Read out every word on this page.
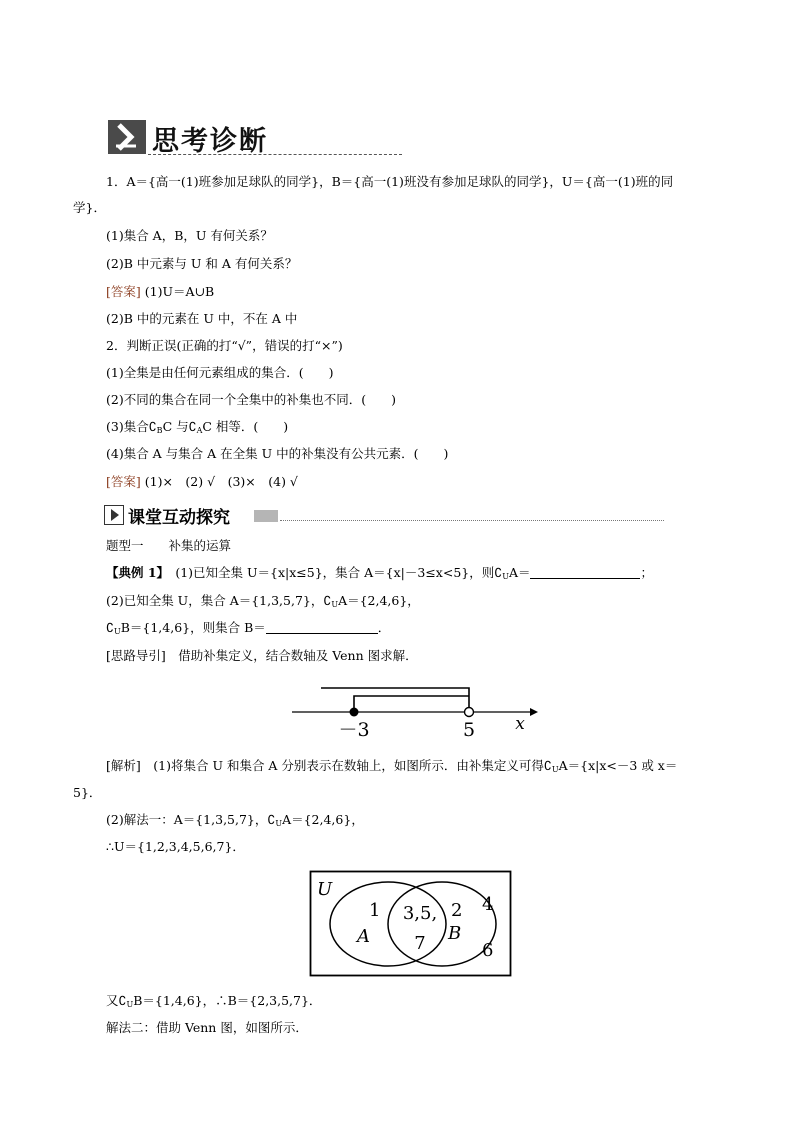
思考诊断
1．A＝{高一(1)班参加足球队的同学}，B＝{高一(1)班没有参加足球队的同学}，U＝{高一(1)班的同
学}．
(1)集合 A，B，U 有何关系？
(2)B 中元素与 U 和 A 有何关系？
[答案] (1)U＝A∪B
(2)B 中的元素在 U 中，不在 A 中
2．判断正误(正确的打“√”，错误的打“×”)
(1)全集是由任何元素组成的集合．(　　)
(2)不同的集合在同一个全集中的补集也不同．(　　)
(3)集合$∁_BC$ 与$∁_AC$ 相等．(　　)
(4)集合 A 与集合 A 在全集 U 中的补集没有公共元素．(　　)
[答案] (1)×　(2) √　(3)×　(4) √
课堂互动探究
题型一　　补集的运算
【典例 1】　(1)已知全集 U＝{x|x≤5}，集合 A＝{x|－3≤x<5}，则$∁_UA=$	；
(2)已知全集 U，集合 A＝{1,3,5,7}，$∁_UA=\{2,4,6\}$，
$∁_UB=\{1,4,6\}$，则集合 B＝	．
[思路导引]　借助补集定义，结合数轴及 Venn 图求解．
－3	5 x
[解析]　(1)将集合 U 和集合 A 分别表示在数轴上，如图所示．由补集定义可得$∁_UA=\{x|x<-3$ 或 x＝
5}．
(2)解法一：A＝{1,3,5,7}，$∁_UA=\{2,4,6\}$，
∴U＝{1,2,3,4,5,6,7}．
U
1
A
3,5,
7
2
B
4
6
又$∁_UB=\{1,4,6\}$，∴B＝{2,3,5,7}．
解法二：借助 Venn 图，如图所示．
